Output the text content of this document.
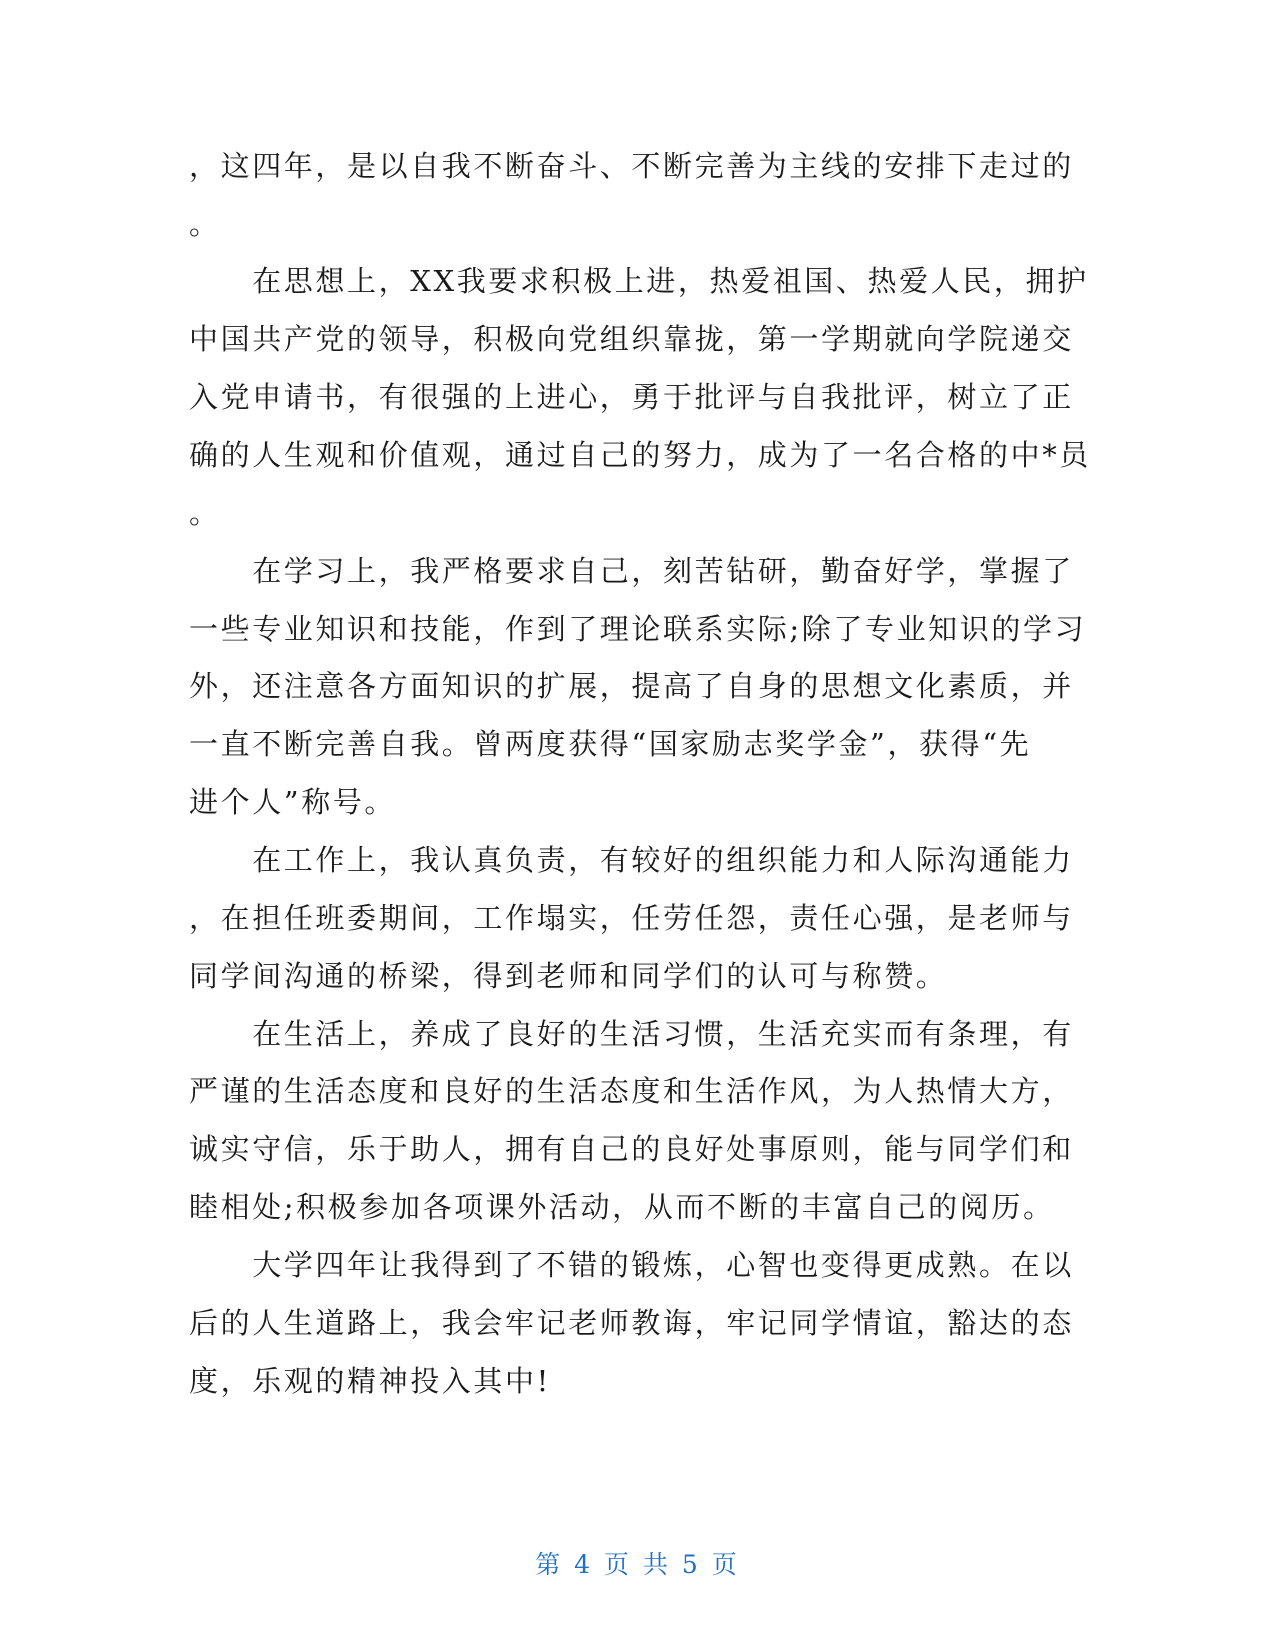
，这四年，是以自我不断奋斗、不断完善为主线的安排下走过的
。
　　在思想上，XX我要求积极上进，热爱祖国、热爱人民，拥护
中国共产党的领导，积极向党组织靠拢，第一学期就向学院递交
入党申请书，有很强的上进心，勇于批评与自我批评，树立了正
确的人生观和价值观，通过自己的努力，成为了一名合格的中*员
。
　　在学习上，我严格要求自己，刻苦钻研，勤奋好学，掌握了
一些专业知识和技能，作到了理论联系实际;除了专业知识的学习
外，还注意各方面知识的扩展，提高了自身的思想文化素质，并
一直不断完善自我。曾两度获得“国家励志奖学金”，获得“先
进个人”称号。
　　在工作上，我认真负责，有较好的组织能力和人际沟通能力
，在担任班委期间，工作塌实，任劳任怨，责任心强，是老师与
同学间沟通的桥梁，得到老师和同学们的认可与称赞。
　　在生活上，养成了良好的生活习惯，生活充实而有条理，有
严谨的生活态度和良好的生活态度和生活作风，为人热情大方，
诚实守信，乐于助人，拥有自己的良好处事原则，能与同学们和
睦相处;积极参加各项课外活动，从而不断的丰富自己的阅历。
　　大学四年让我得到了不错的锻炼，心智也变得更成熟。在以
后的人生道路上，我会牢记老师教诲，牢记同学情谊，豁达的态
度，乐观的精神投入其中!
第 4 页 共 5 页
